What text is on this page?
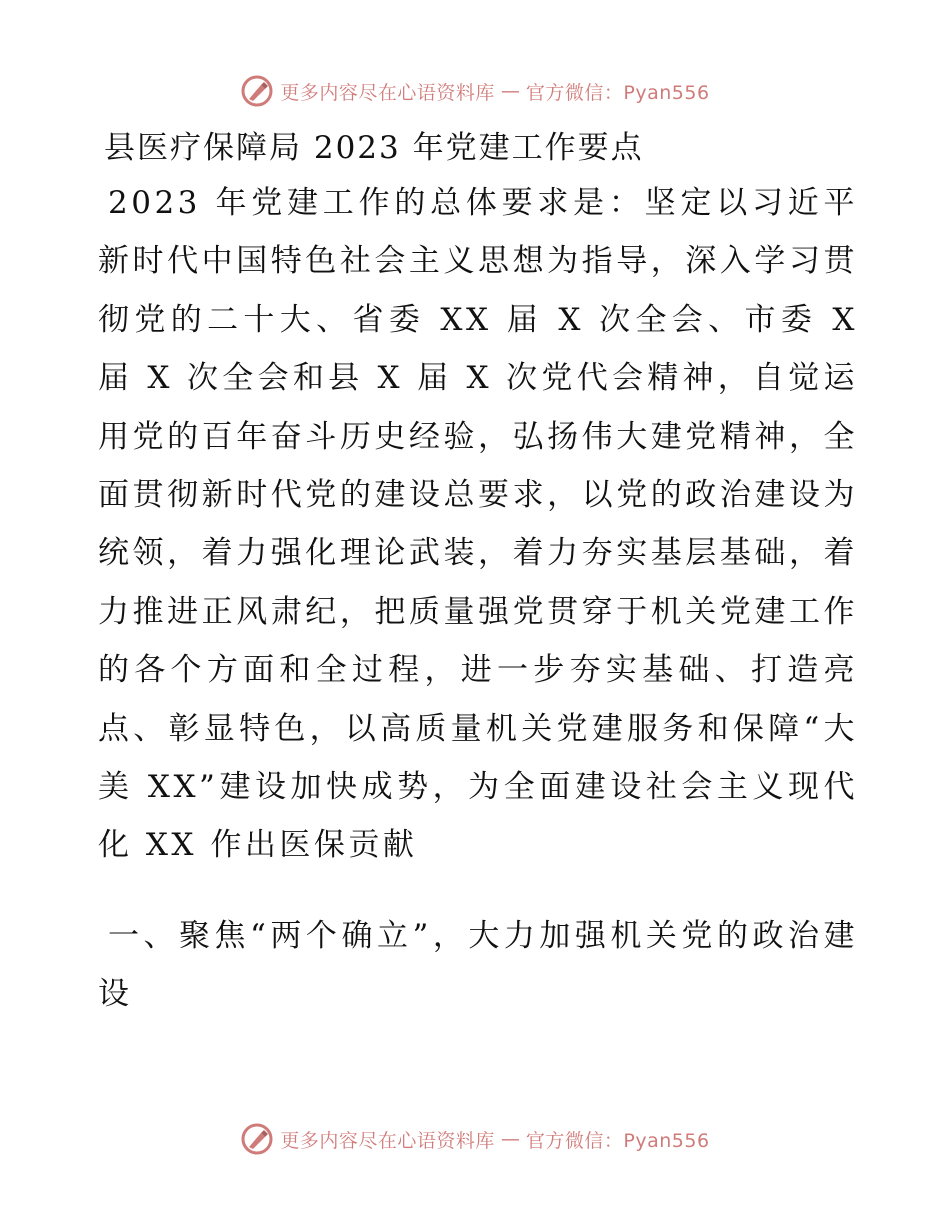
更多内容尽在心语资料库 — 官方微信：Pyan556
县医疗保障局 2023 年党建工作要点

2023 年党建工作的总体要求是：坚定以习近平新时代中国特色社会主义思想为指导，深入学习贯彻党的二十大、省委 XX 届 X 次全会、市委 X 届 X 次全会和县 X 届 X 次党代会精神，自觉运用党的百年奋斗历史经验，弘扬伟大建党精神，全面贯彻新时代党的建设总要求，以党的政治建设为统领，着力强化理论武装，着力夯实基层基础，着力推进正风肃纪，把质量强党贯穿于机关党建工作的各个方面和全过程，进一步夯实基础、打造亮点、彰显特色，以高质量机关党建服务和保障“大美 XX”建设加快成势，为全面建设社会主义现代化 XX 作出医保贡献

一、聚焦“两个确立”，大力加强机关党的政治建设

更多内容尽在心语资料库 — 官方微信：Pyan556
